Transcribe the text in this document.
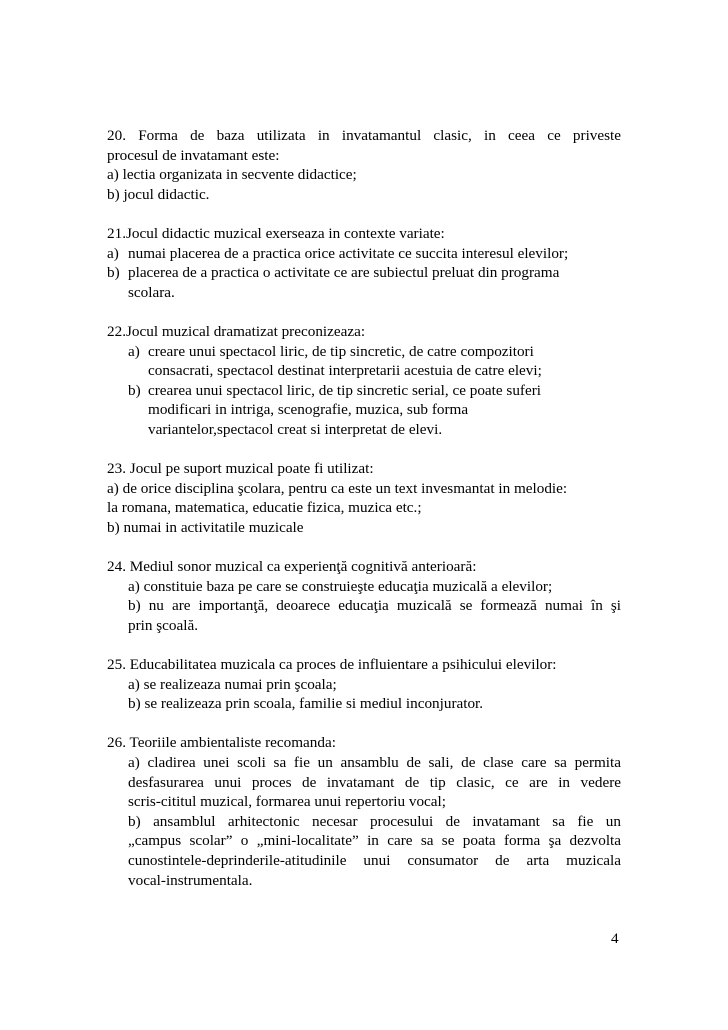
20. Forma de baza utilizata in invatamantul clasic, in ceea ce priveste
procesul de invatamant este:
a) lectia organizata in secvente didactice;
b) jocul didactic.
21.Jocul didactic muzical exerseaza in contexte variate:
a) numai placerea de a practica orice activitate ce succita interesul elevilor;
b) placerea de a practica o activitate ce are subiectul preluat din programa
scolara.
22.Jocul muzical dramatizat preconizeaza:
a) creare unui spectacol liric, de tip sincretic, de catre compozitori
consacrati, spectacol destinat interpretarii acestuia de catre elevi;
b) crearea unui spectacol liric, de tip sincretic serial, ce poate suferi
modificari in intriga, scenografie, muzica, sub forma
variantelor,spectacol creat si interpretat de elevi.
23. Jocul pe suport muzical poate fi utilizat:
a) de orice disciplina şcolara, pentru ca este un text invesmantat in melodie:
la romana, matematica, educatie fizica, muzica etc.;
b) numai in activitatile muzicale
24. Mediul sonor muzical ca experienţă cognitivă anterioară:
a) constituie baza pe care se construieşte educaţia muzicală a elevilor;
b) nu are importanţă, deoarece educaţia muzicală se formează numai în şi
prin şcoală.
25. Educabilitatea muzicala ca proces de influientare a psihicului elevilor:
a) se realizeaza numai prin şcoala;
b) se realizeaza prin scoala, familie si mediul inconjurator.
26. Teoriile ambientaliste recomanda:
a) cladirea unei scoli sa fie un ansamblu de sali, de clase care sa permita
desfasurarea unui proces de invatamant de tip clasic, ce are in vedere
scris-cititul muzical, formarea unui repertoriu vocal;
b) ansamblul arhitectonic necesar procesului de invatamant sa fie un
„campus scolar” o „mini-localitate” in care sa se poata forma şa dezvolta
cunostintele-deprinderile-atitudinile unui consumator de arta muzicala
vocal-instrumentala.
4
